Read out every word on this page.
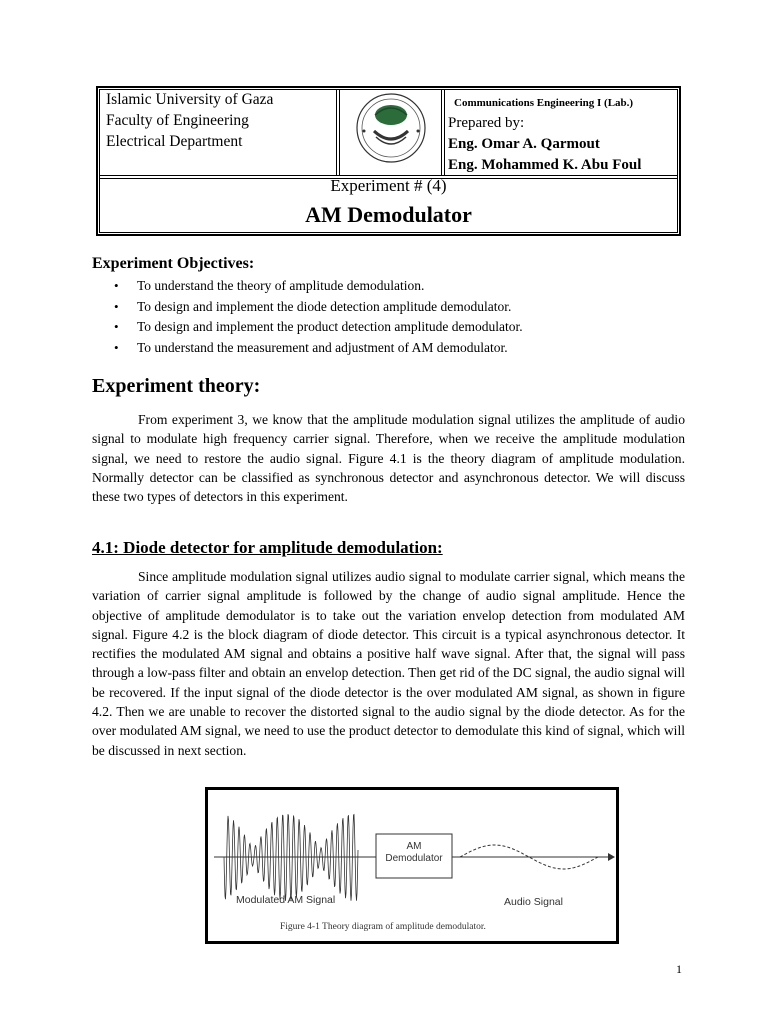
Islamic University of Gaza
Faculty of Engineering
Electrical Department
Communications Engineering I (Lab.)
Prepared by:
Eng. Omar A. Qarmout
Eng. Mohammed K. Abu Foul
Experiment # (4)
AM Demodulator
Experiment Objectives:
• To understand the theory of amplitude demodulation.
• To design and implement the diode detection amplitude demodulator.
• To design and implement the product detection amplitude demodulator.
• To understand the measurement and adjustment of AM demodulator.
Experiment theory:

From experiment 3, we know that the amplitude modulation signal utilizes the amplitude of audio signal to modulate high frequency carrier signal. Therefore, when we receive the amplitude modulation signal, we need to restore the audio signal. Figure 4.1 is the theory diagram of amplitude modulation. Normally detector can be classified as synchronous detector and asynchronous detector. We will discuss these two types of detectors in this experiment.

4.1: Diode detector for amplitude demodulation:

Since amplitude modulation signal utilizes audio signal to modulate carrier signal, which means the variation of carrier signal amplitude is followed by the change of audio signal amplitude. Hence the objective of amplitude demodulator is to take out the variation envelop detection from modulated AM signal. Figure 4.2 is the block diagram of diode detector. This circuit is a typical asynchronous detector. It rectifies the modulated AM signal and obtains a positive half wave signal. After that, the signal will pass through a low-pass filter and obtain an envelop detection. Then get rid of the DC signal, the audio signal will be recovered. If the input signal of the diode detector is the over modulated AM signal, as shown in figure 4.2. Then we are unable to recover the distorted signal to the audio signal by the diode detector. As for the over modulated AM signal, we need to use the product detector to demodulate this kind of signal, which will be discussed in next section.

AM
Demodulator
Modulated AM Signal	Audio Signal
Figure 4-1 Theory diagram of amplitude demodulator.
1
